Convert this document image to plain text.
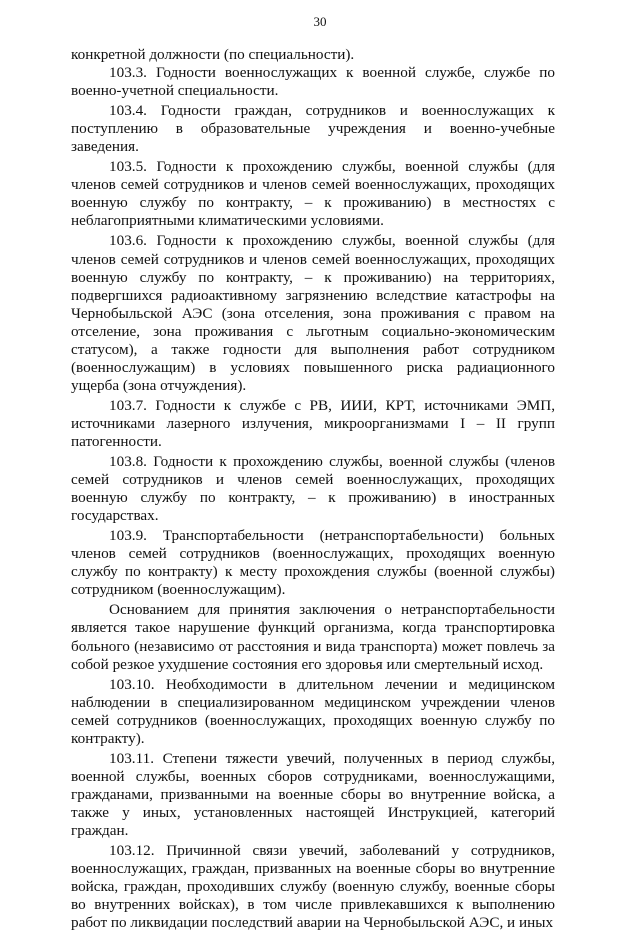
30

конкретной должности (по специальности).

103.3. Годности военнослужащих к военной службе, службе по военно-учетной специальности.

103.4. Годности граждан, сотрудников и военнослужащих к поступлению в образовательные учреждения и военно-учебные заведения.

103.5. Годности к прохождению службы, военной службы (для членов семей сотрудников и членов семей военнослужащих, проходящих военную службу по контракту, – к проживанию) в местностях с неблагоприятными климатическими условиями.

103.6. Годности к прохождению службы, военной службы (для членов семей сотрудников и членов семей военнослужащих, проходящих военную службу по контракту, – к проживанию) на территориях, подвергшихся радиоактивному загрязнению вследствие катастрофы на Чернобыльской АЭС (зона отселения, зона проживания с правом на отселение, зона проживания с льготным социально-экономическим статусом), а также годности для выполнения работ сотрудником (военнослужащим) в условиях повышенного риска радиационного ущерба (зона отчуждения).

103.7. Годности к службе с РВ, ИИИ, КРТ, источниками ЭМП, источниками лазерного излучения, микроорганизмами I – II групп патогенности.

103.8. Годности к прохождению службы, военной службы (членов семей сотрудников и членов семей военнослужащих, проходящих военную службу по контракту, – к проживанию) в иностранных государствах.

103.9. Транспортабельности (нетранспортабельности) больных членов семей сотрудников (военнослужащих, проходящих военную службу по контракту) к месту прохождения службы (военной службы) сотрудником (военнослужащим).

Основанием для принятия заключения о нетранспортабельности является такое нарушение функций организма, когда транспортировка больного (независимо от расстояния и вида транспорта) может повлечь за собой резкое ухудшение состояния его здоровья или смертельный исход.

103.10. Необходимости в длительном лечении и медицинском наблюдении в специализированном медицинском учреждении членов семей сотрудников (военнослужащих, проходящих военную службу по контракту).

103.11. Степени тяжести увечий, полученных в период службы, военной службы, военных сборов сотрудниками, военнослужащими, гражданами, призванными на военные сборы во внутренние войска, а также у иных, установленных настоящей Инструкцией, категорий граждан.

103.12. Причинной связи увечий, заболеваний у сотрудников, военнослужащих, граждан, призванных на военные сборы во внутренние войска, граждан, проходивших службу (военную службу, военные сборы во внутренних войсках), в том числе привлекавшихся к выполнению работ по ликвидации последствий аварии на Чернобыльской АЭС, и иных
